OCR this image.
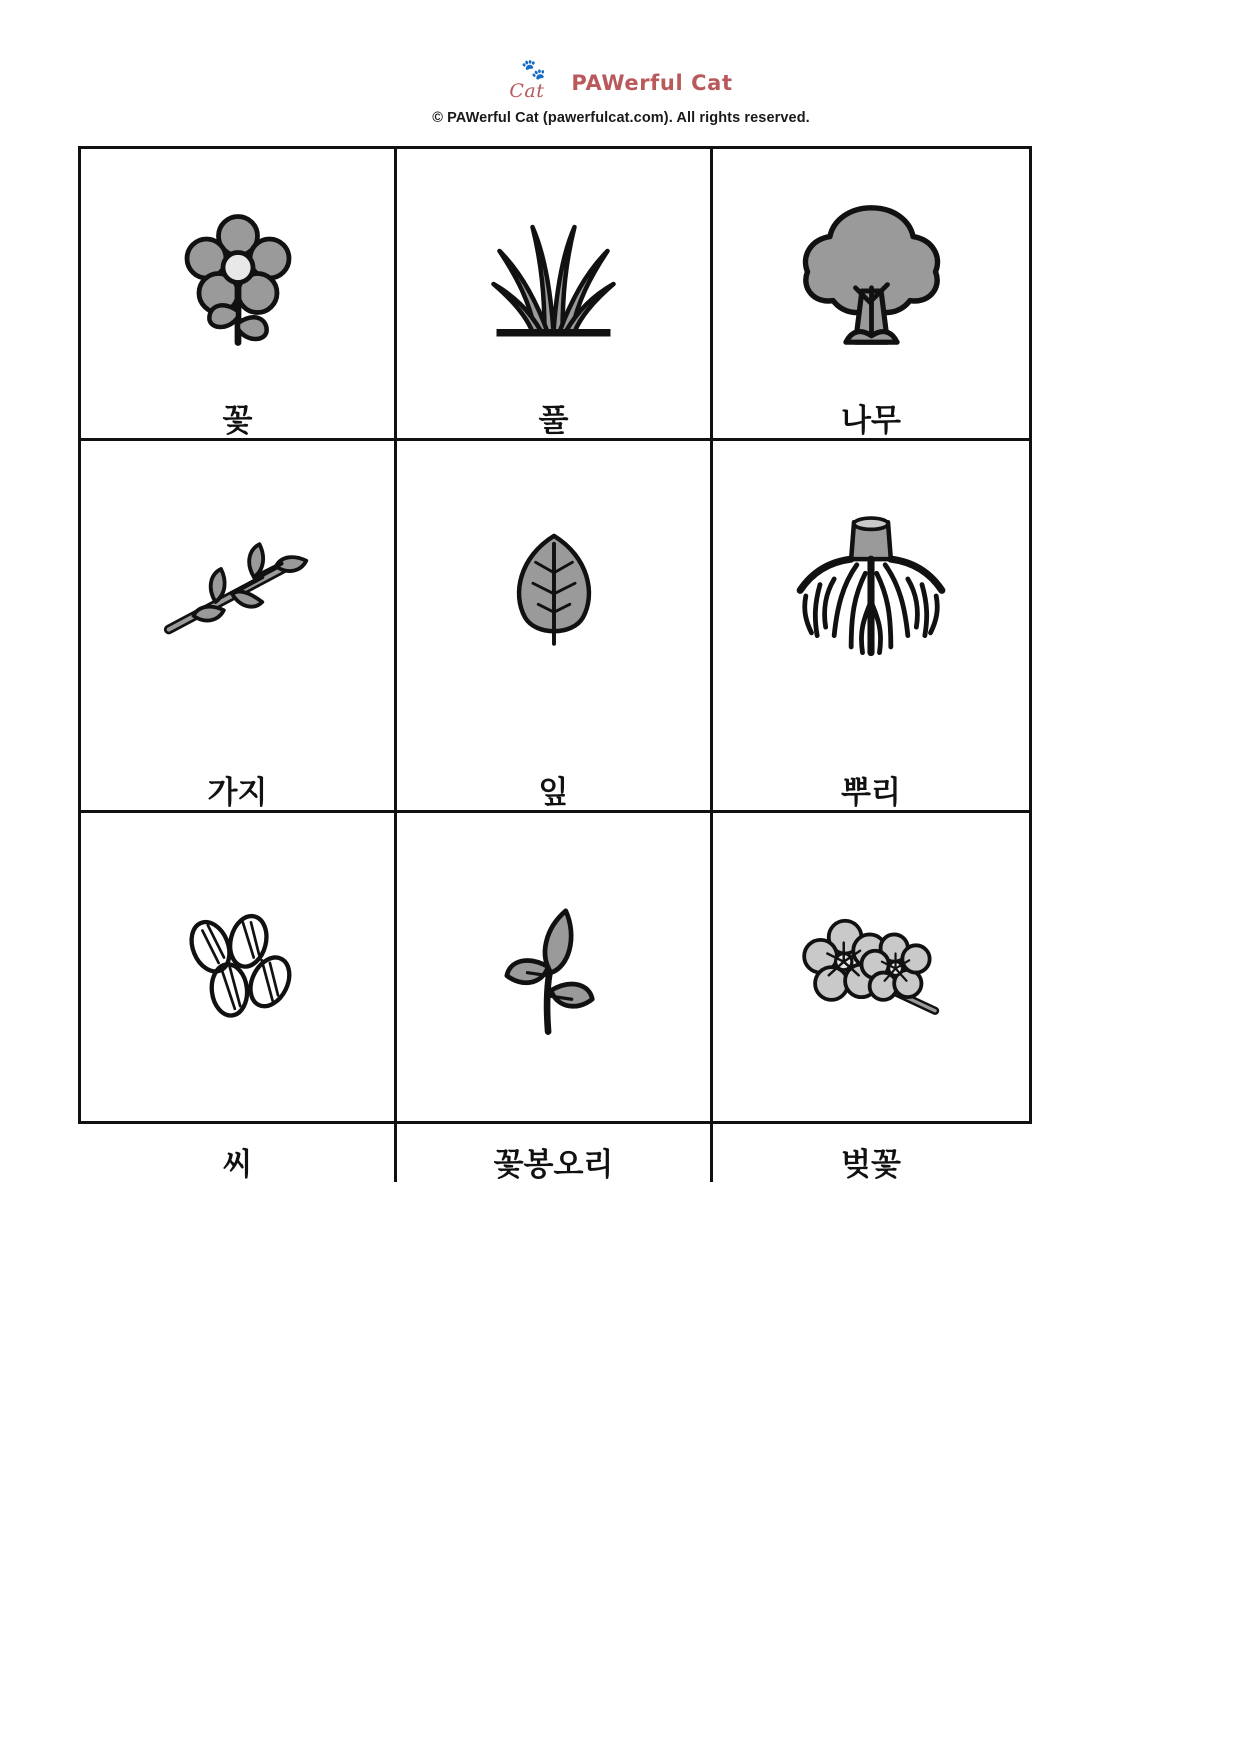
🐾
Cat PAWerful Cat
© PAWerful Cat (pawerfulcat.com). All rights reserved.
꽃	풀	나무
가지	잎	뿌리
씨	꽃봉오리	벚꽃
